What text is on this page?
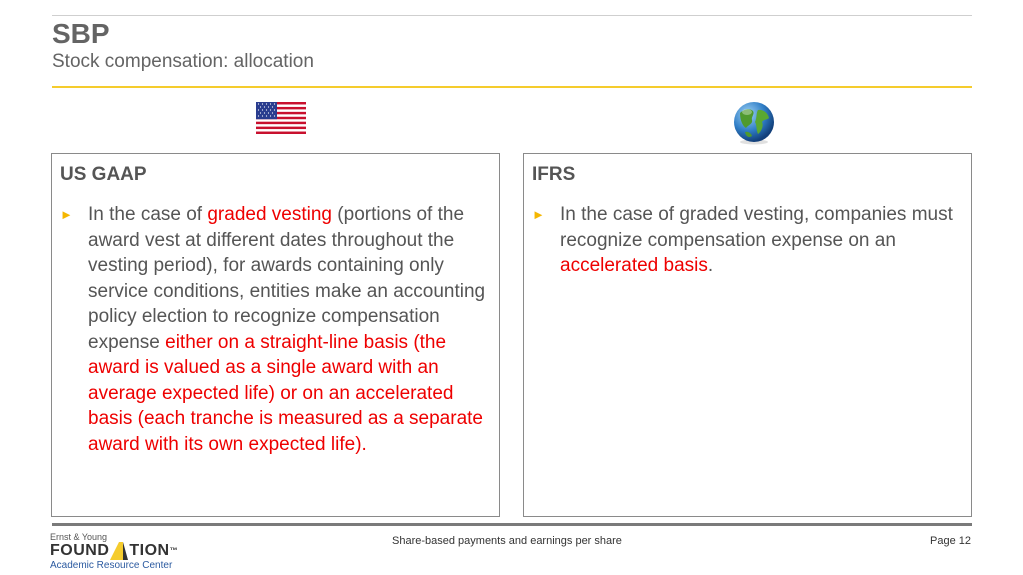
SBP
Stock compensation: allocation
US GAAP
► In the case of graded vesting (portions of the award vest at different dates throughout the vesting period), for awards containing only service conditions, entities make an accounting policy election to recognize compensation expense either on a straight-line basis (the award is valued as a single award with an average expected life) or on an accelerated basis (each tranche is measured as a separate award with its own expected life).
IFRS
► In the case of graded vesting, companies must recognize compensation expense on an accelerated basis.
Ernst & Young
FOUND TION ™
Academic Resource Center
Share-based payments and earnings per share	Page 12
